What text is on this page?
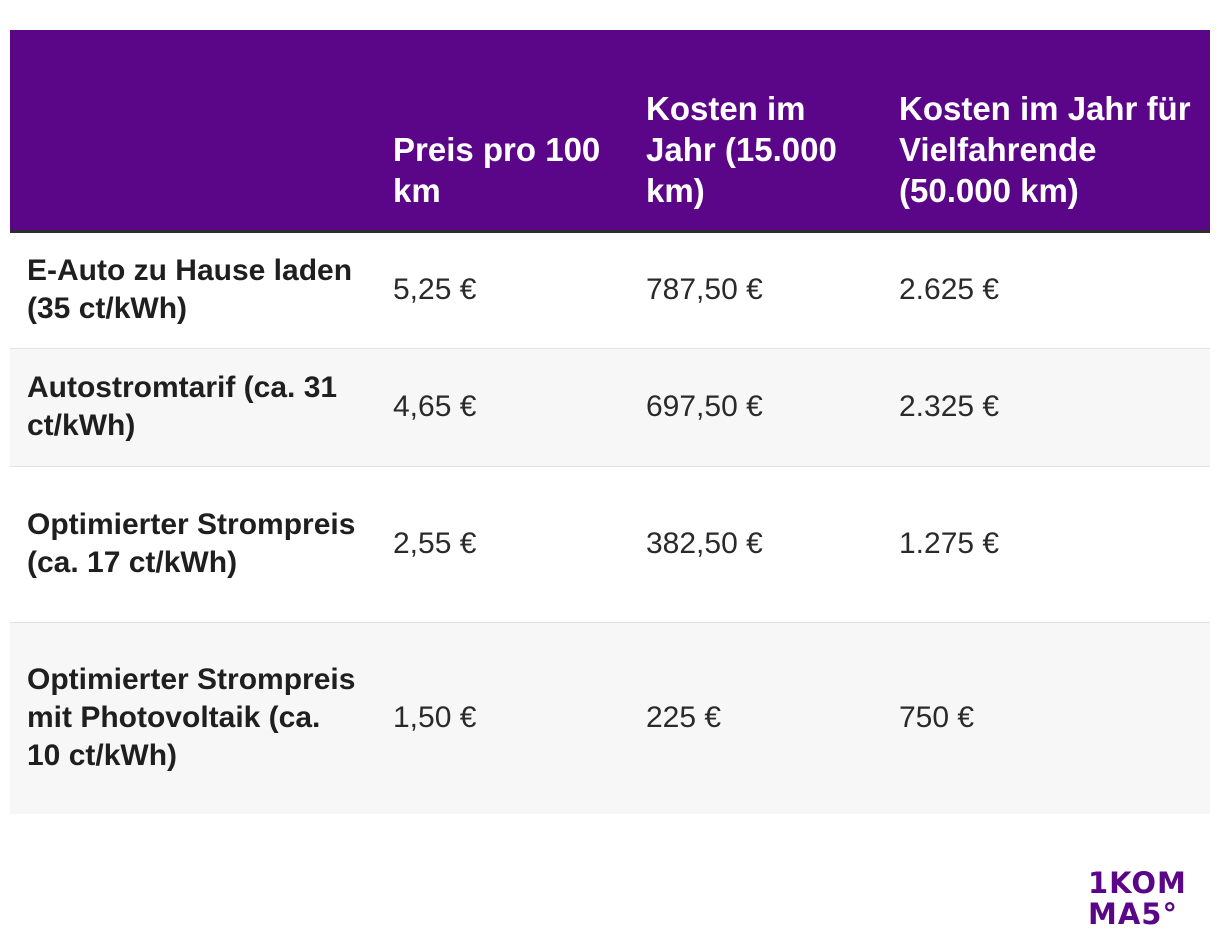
	Preis pro 100 km	Kosten im Jahr (15.000 km)	Kosten im Jahr für Vielfahrende (50.000 km)
E-Auto zu Hause laden (35 ct/kWh)	5,25 €	787,50 €	2.625 €
Autostromtarif (ca. 31 ct/kWh)	4,65 €	697,50 €	2.325 €
Optimierter Strompreis (ca. 17 ct/kWh)	2,55 €	382,50 €	1.275 €
Optimierter Strompreis mit Photovoltaik (ca. 10 ct/kWh)	1,50 €	225 €	750 €
1KOM
MA5°
